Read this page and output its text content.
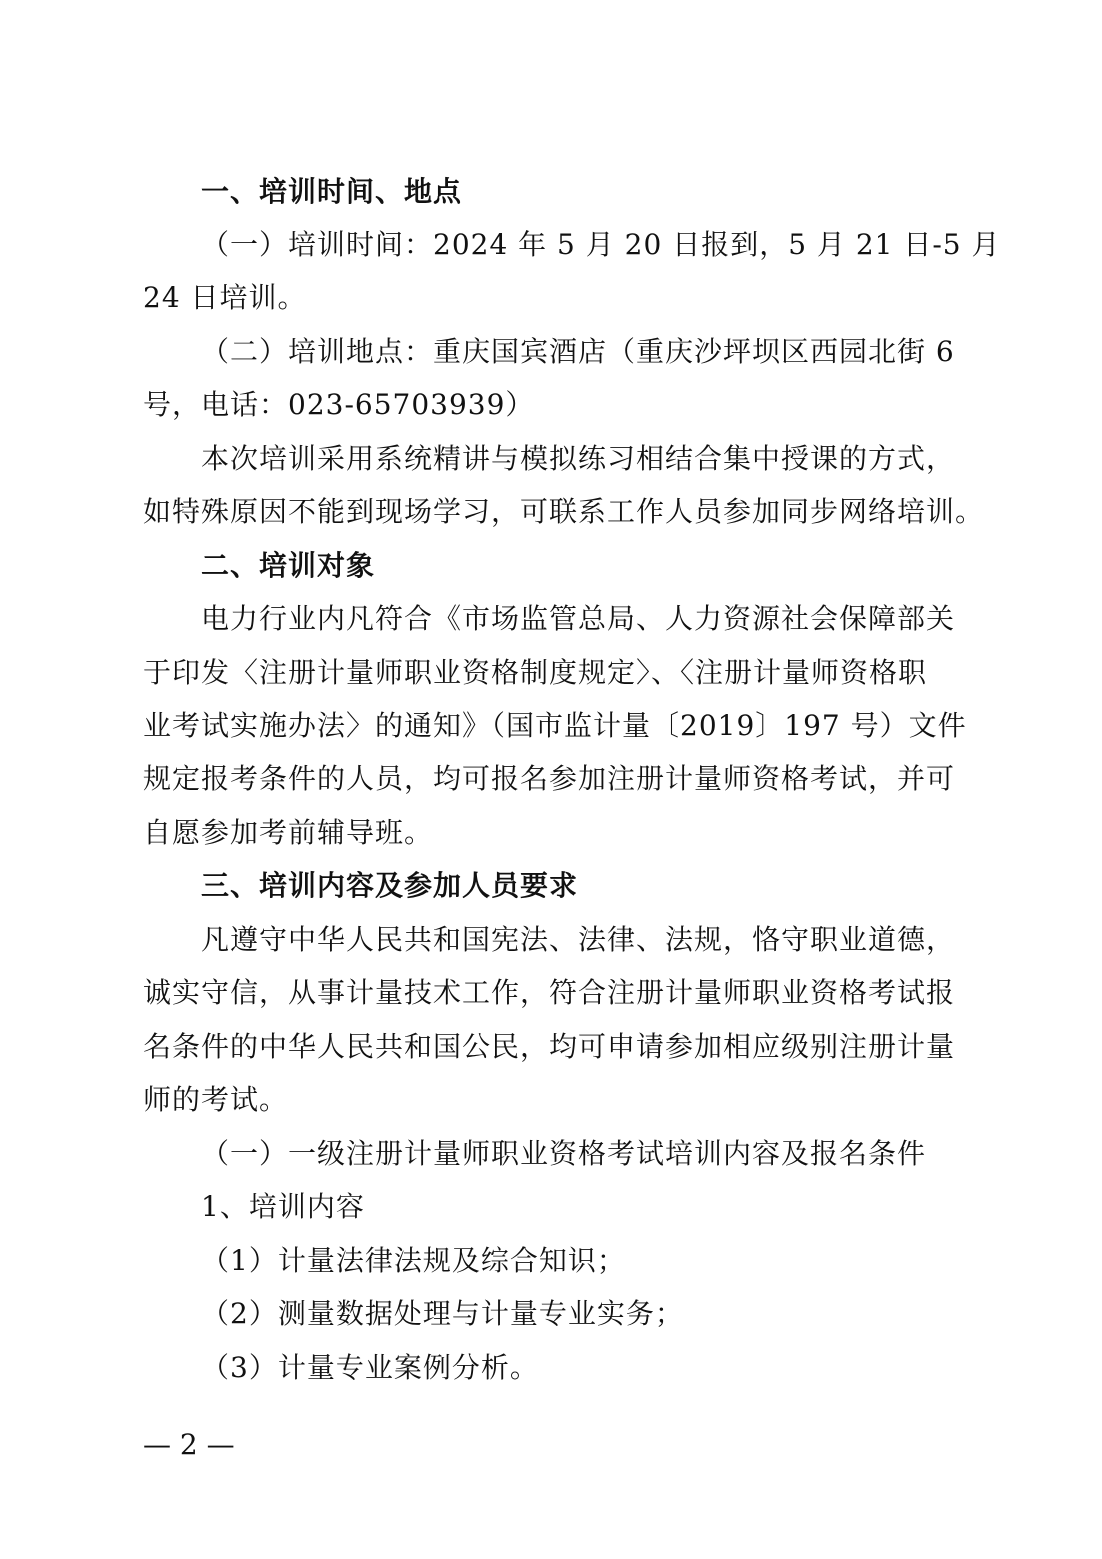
一、培训时间、地点
（一）培训时间：2024 年 5 月 20 日报到，5 月 21 日-5 月
24 日培训。
（二）培训地点：重庆国宾酒店（重庆沙坪坝区西园北街 6
号，电话：023-65703939）
本次培训采用系统精讲与模拟练习相结合集中授课的方式，
如特殊原因不能到现场学习，可联系工作人员参加同步网络培训。
二、培训对象
电力行业内凡符合《市场监管总局、人力资源社会保障部关
于印发〈注册计量师职业资格制度规定〉、〈注册计量师资格职
业考试实施办法〉的通知》（国市监计量〔2019〕197 号）文件
规定报考条件的人员，均可报名参加注册计量师资格考试，并可
自愿参加考前辅导班。
三、培训内容及参加人员要求
凡遵守中华人民共和国宪法、法律、法规，恪守职业道德，
诚实守信，从事计量技术工作，符合注册计量师职业资格考试报
名条件的中华人民共和国公民，均可申请参加相应级别注册计量
师的考试。
（一）一级注册计量师职业资格考试培训内容及报名条件
1、培训内容
（1）计量法律法规及综合知识；
（2）测量数据处理与计量专业实务；
（3）计量专业案例分析。
— 2 —
